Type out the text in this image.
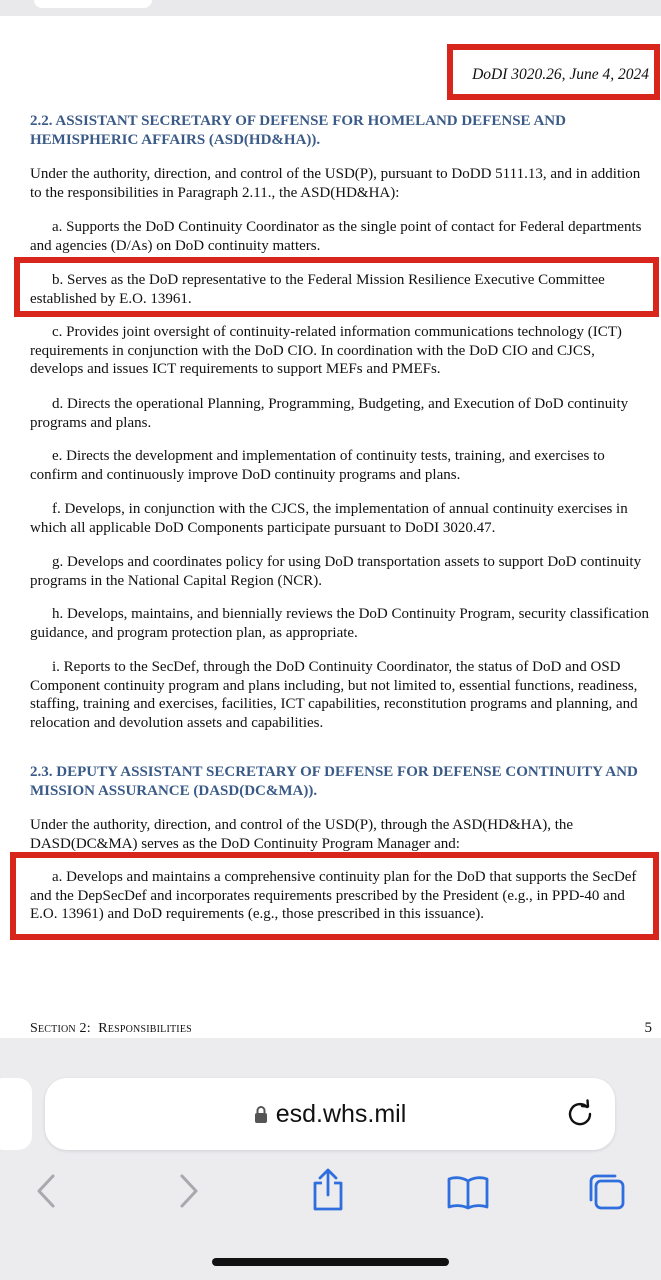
DoDI 3020.26, June 4, 2024
2.2. ASSISTANT SECRETARY OF DEFENSE FOR HOMELAND DEFENSE AND HEMISPHERIC AFFAIRS (ASD(HD&HA)).
Under the authority, direction, and control of the USD(P), pursuant to DoDD 5111.13, and in addition to the responsibilities in Paragraph 2.11., the ASD(HD&HA):
a. Supports the DoD Continuity Coordinator as the single point of contact for Federal departments and agencies (D/As) on DoD continuity matters.
b. Serves as the DoD representative to the Federal Mission Resilience Executive Committee established by E.O. 13961.
c. Provides joint oversight of continuity-related information communications technology (ICT) requirements in conjunction with the DoD CIO. In coordination with the DoD CIO and CJCS, develops and issues ICT requirements to support MEFs and PMEFs.
d. Directs the operational Planning, Programming, Budgeting, and Execution of DoD continuity programs and plans.
e. Directs the development and implementation of continuity tests, training, and exercises to confirm and continuously improve DoD continuity programs and plans.
f. Develops, in conjunction with the CJCS, the implementation of annual continuity exercises in which all applicable DoD Components participate pursuant to DoDI 3020.47.
g. Develops and coordinates policy for using DoD transportation assets to support DoD continuity programs in the National Capital Region (NCR).
h. Develops, maintains, and biennially reviews the DoD Continuity Program, security classification guidance, and program protection plan, as appropriate.
i. Reports to the SecDef, through the DoD Continuity Coordinator, the status of DoD and OSD Component continuity program and plans including, but not limited to, essential functions, readiness, staffing, training and exercises, facilities, ICT capabilities, reconstitution programs and planning, and relocation and devolution assets and capabilities.
2.3. DEPUTY ASSISTANT SECRETARY OF DEFENSE FOR DEFENSE CONTINUITY AND MISSION ASSURANCE (DASD(DC&MA)).
Under the authority, direction, and control of the USD(P), through the ASD(HD&HA), the DASD(DC&MA) serves as the DoD Continuity Program Manager and:
a. Develops and maintains a comprehensive continuity plan for the DoD that supports the SecDef and the DepSecDef and incorporates requirements prescribed by the President (e.g., in PPD-40 and E.O. 13961) and DoD requirements (e.g., those prescribed in this issuance).
Section 2: Responsibilities	5
esd.whs.mil
